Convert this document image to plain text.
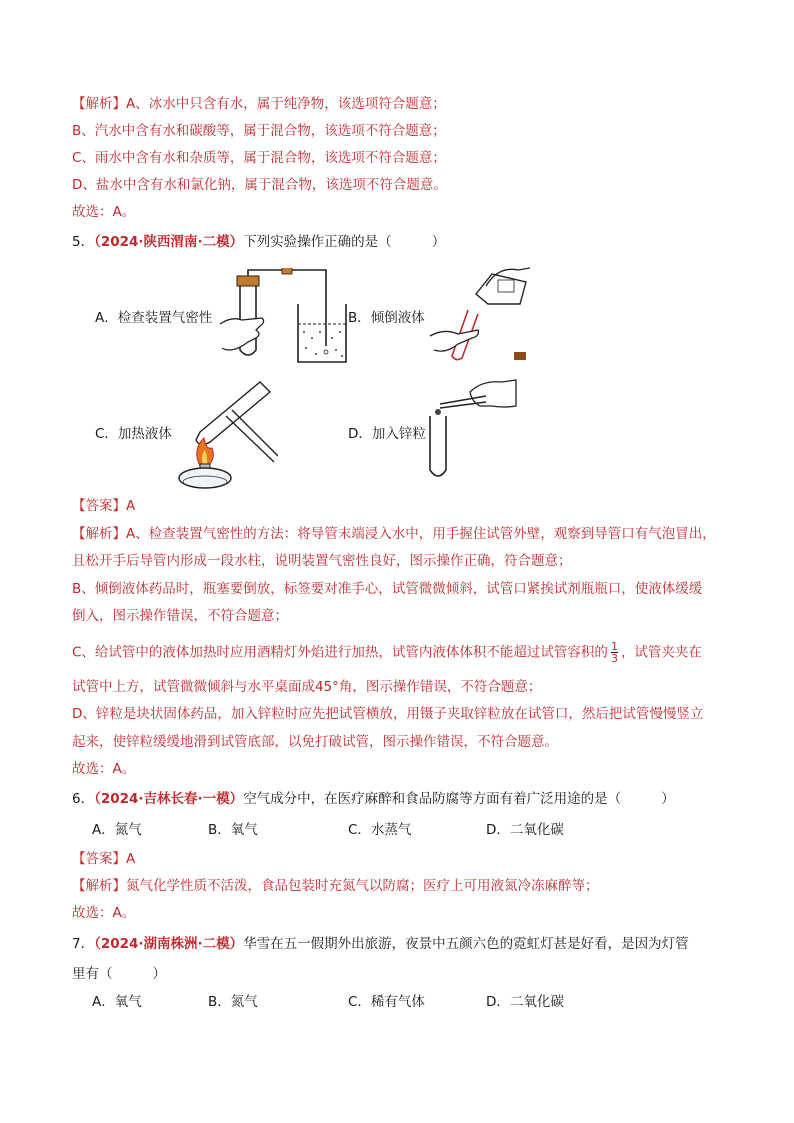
【解析】A、冰水中只含有水，属于纯净物，该选项符合题意；
B、汽水中含有水和碳酸等，属于混合物，该选项不符合题意；
C、雨水中含有水和杂质等，属于混合物，该选项不符合题意；
D、盐水中含有水和氯化钠，属于混合物，该选项不符合题意。
故选：A。
5．（2024·陕西渭南·二模）下列实验操作正确的是（	）
A．检查装置气密性	B．倾倒液体
C．加热液体	D．加入锌粒
【答案】A
【解析】A、检查装置气密性的方法：将导管末端浸入水中，用手握住试管外壁，观察到导管口有气泡冒出，
且松开手后导管内形成一段水柱，说明装置气密性良好，图示操作正确，符合题意；
B、倾倒液体药品时，瓶塞要倒放，标签要对准手心，试管微微倾斜，试管口紧挨试剂瓶瓶口，使液体缓缓
倒入，图示操作错误，不符合题意；
C、给试管中的液体加热时应用酒精灯外焰进行加热，试管内液体体积不能超过试管容积的 $\frac{1}{3}$ ，试管夹夹在
试管中上方，试管微微倾斜与水平桌面成45°角，图示操作错误，不符合题意；
D、锌粒是块状固体药品，加入锌粒时应先把试管横放，用镊子夹取锌粒放在试管口，然后把试管慢慢竖立
起来，使锌粒缓缓地滑到试管底部，以免打破试管，图示操作错误，不符合题意。
故选：A。
6．（2024·吉林长春·一模）空气成分中，在医疗麻醉和食品防腐等方面有着广泛用途的是（	）
A．氮气	B．氧气	C．水蒸气	D．二氧化碳
【答案】A
【解析】氮气化学性质不活泼，食品包装时充氮气以防腐；医疗上可用液氮冷冻麻醉等；
故选：A。
7．（2024·湖南株洲·二模）华雪在五一假期外出旅游，夜景中五颜六色的霓虹灯甚是好看，是因为灯管
里有（	）
A．氧气	B．氮气	C．稀有气体	D．二氧化碳
